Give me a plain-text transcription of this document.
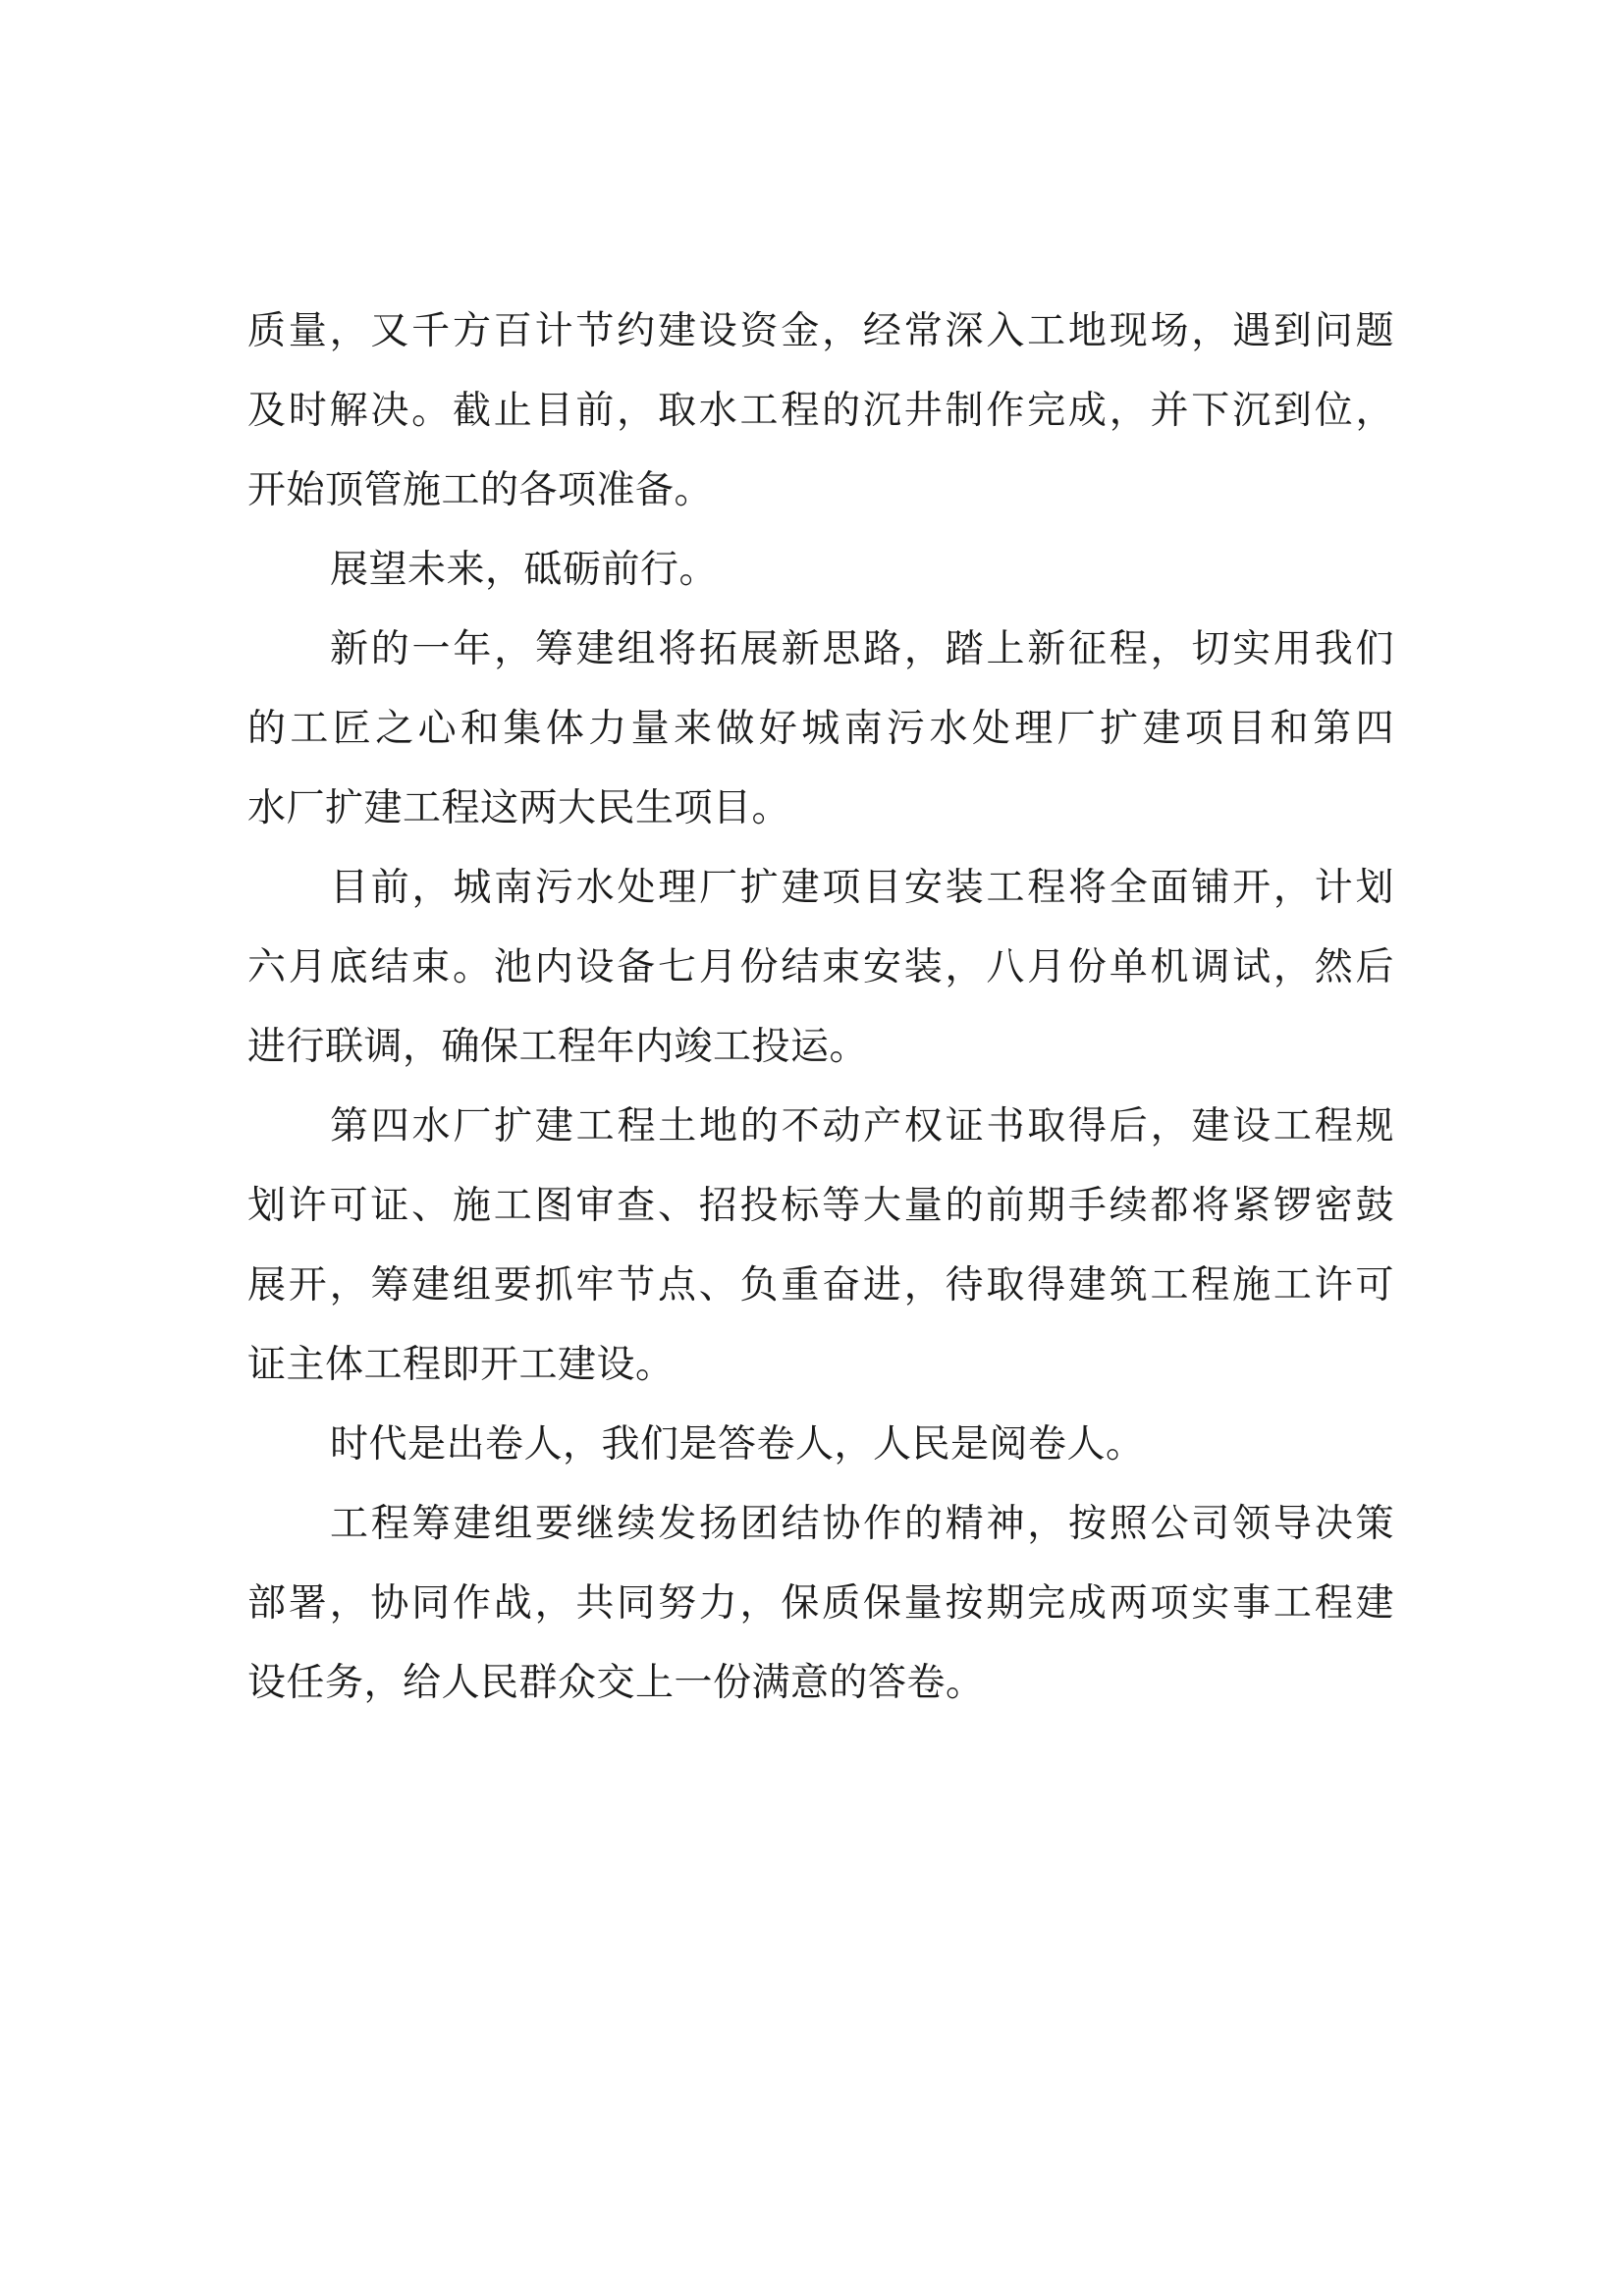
质量，又千方百计节约建设资金，经常深入工地现场，遇到问题
及时解决。截止目前，取水工程的沉井制作完成，并下沉到位，
开始顶管施工的各项准备。

展望未来，砥砺前行。

新的一年，筹建组将拓展新思路，踏上新征程，切实用我们
的工匠之心和集体力量来做好城南污水处理厂扩建项目和第四
水厂扩建工程这两大民生项目。

目前，城南污水处理厂扩建项目安装工程将全面铺开，计划
六月底结束。池内设备七月份结束安装，八月份单机调试，然后
进行联调，确保工程年内竣工投运。

第四水厂扩建工程土地的不动产权证书取得后，建设工程规
划许可证、施工图审查、招投标等大量的前期手续都将紧锣密鼓
展开，筹建组要抓牢节点、负重奋进，待取得建筑工程施工许可
证主体工程即开工建设。

时代是出卷人，我们是答卷人，人民是阅卷人。

工程筹建组要继续发扬团结协作的精神，按照公司领导决策
部署，协同作战，共同努力，保质保量按期完成两项实事工程建
设任务，给人民群众交上一份满意的答卷。
